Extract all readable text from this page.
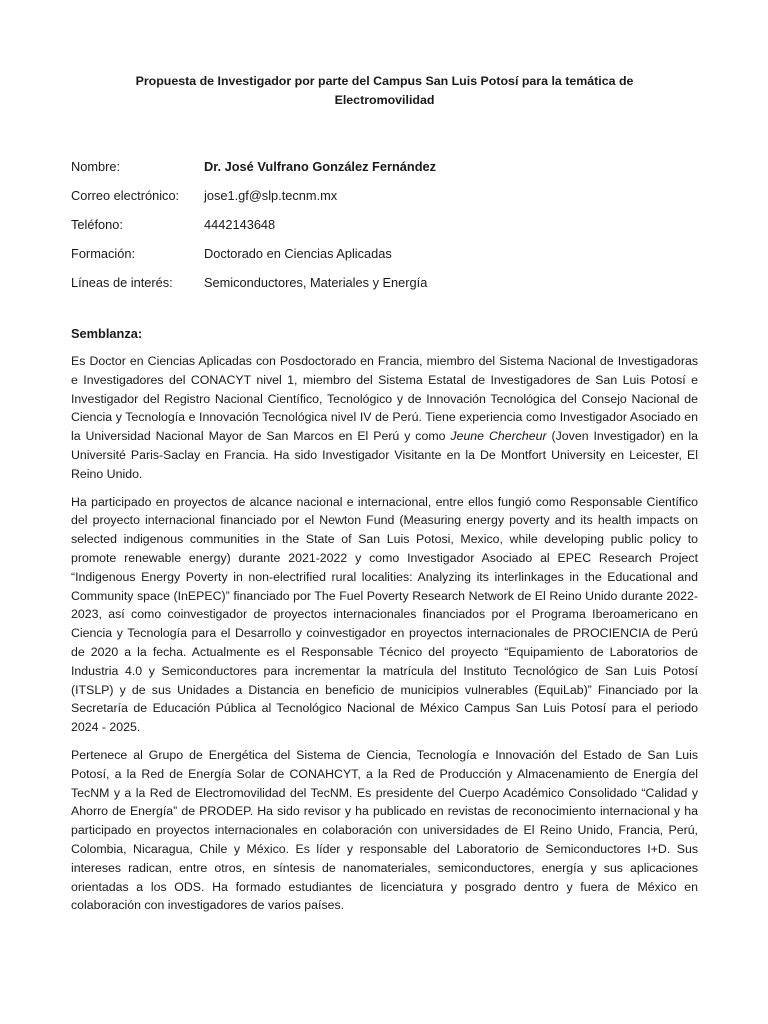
Propuesta de Investigador por parte del Campus San Luis Potosí para la temática de
Electromovilidad

Nombre:	Dr. José Vulfrano González Fernández
Correo electrónico:	jose1.gf@slp.tecnm.mx
Teléfono:	4442143648
Formación:	Doctorado en Ciencias Aplicadas
Líneas de interés:	Semiconductores, Materiales y Energía
Semblanza:

Es Doctor en Ciencias Aplicadas con Posdoctorado en Francia, miembro del Sistema Nacional de Investigadoras e Investigadores del CONACYT nivel 1, miembro del Sistema Estatal de Investigadores de San Luis Potosí e Investigador del Registro Nacional Científico, Tecnológico y de Innovación Tecnológica del Consejo Nacional de Ciencia y Tecnología e Innovación Tecnológica nivel IV de Perú. Tiene experiencia como Investigador Asociado en la Universidad Nacional Mayor de San Marcos en El Perú y como Jeune Chercheur (Joven Investigador) en la Université Paris-Saclay en Francia. Ha sido Investigador Visitante en la De Montfort University en Leicester, El Reino Unido.

Ha participado en proyectos de alcance nacional e internacional, entre ellos fungió como Responsable Científico del proyecto internacional financiado por el Newton Fund (Measuring energy poverty and its health impacts on selected indigenous communities in the State of San Luis Potosi, Mexico, while developing public policy to promote renewable energy) durante 2021-2022 y como Investigador Asociado al EPEC Research Project “Indigenous Energy Poverty in non-electrified rural localities: Analyzing its interlinkages in the Educational and Community space (InEPEC)” financiado por The Fuel Poverty Research Network de El Reino Unido durante 2022-2023, así como coinvestigador de proyectos internacionales financiados por el Programa Iberoamericano en Ciencia y Tecnología para el Desarrollo y coinvestigador en proyectos internacionales de PROCIENCIA de Perú de 2020 a la fecha. Actualmente es el Responsable Técnico del proyecto “Equipamiento de Laboratorios de Industria 4.0 y Semiconductores para incrementar la matrícula del Instituto Tecnológico de San Luis Potosí (ITSLP) y de sus Unidades a Distancia en beneficio de municipios vulnerables (EquiLab)” Financiado por la Secretaría de Educación Pública al Tecnológico Nacional de México Campus San Luis Potosí para el periodo 2024 - 2025.

Pertenece al Grupo de Energética del Sistema de Ciencia, Tecnología e Innovación del Estado de San Luis Potosí, a la Red de Energía Solar de CONAHCYT, a la Red de Producción y Almacenamiento de Energía del TecNM y a la Red de Electromovilidad del TecNM. Es presidente del Cuerpo Académico Consolidado “Calidad y Ahorro de Energía” de PRODEP. Ha sido revisor y ha publicado en revistas de reconocimiento internacional y ha participado en proyectos internacionales en colaboración con universidades de El Reino Unido, Francia, Perú, Colombia, Nicaragua, Chile y México. Es líder y responsable del Laboratorio de Semiconductores I+D. Sus intereses radican, entre otros, en síntesis de nanomateriales, semiconductores, energía y sus aplicaciones orientadas a los ODS. Ha formado estudiantes de licenciatura y posgrado dentro y fuera de México en colaboración con investigadores de varios países.
